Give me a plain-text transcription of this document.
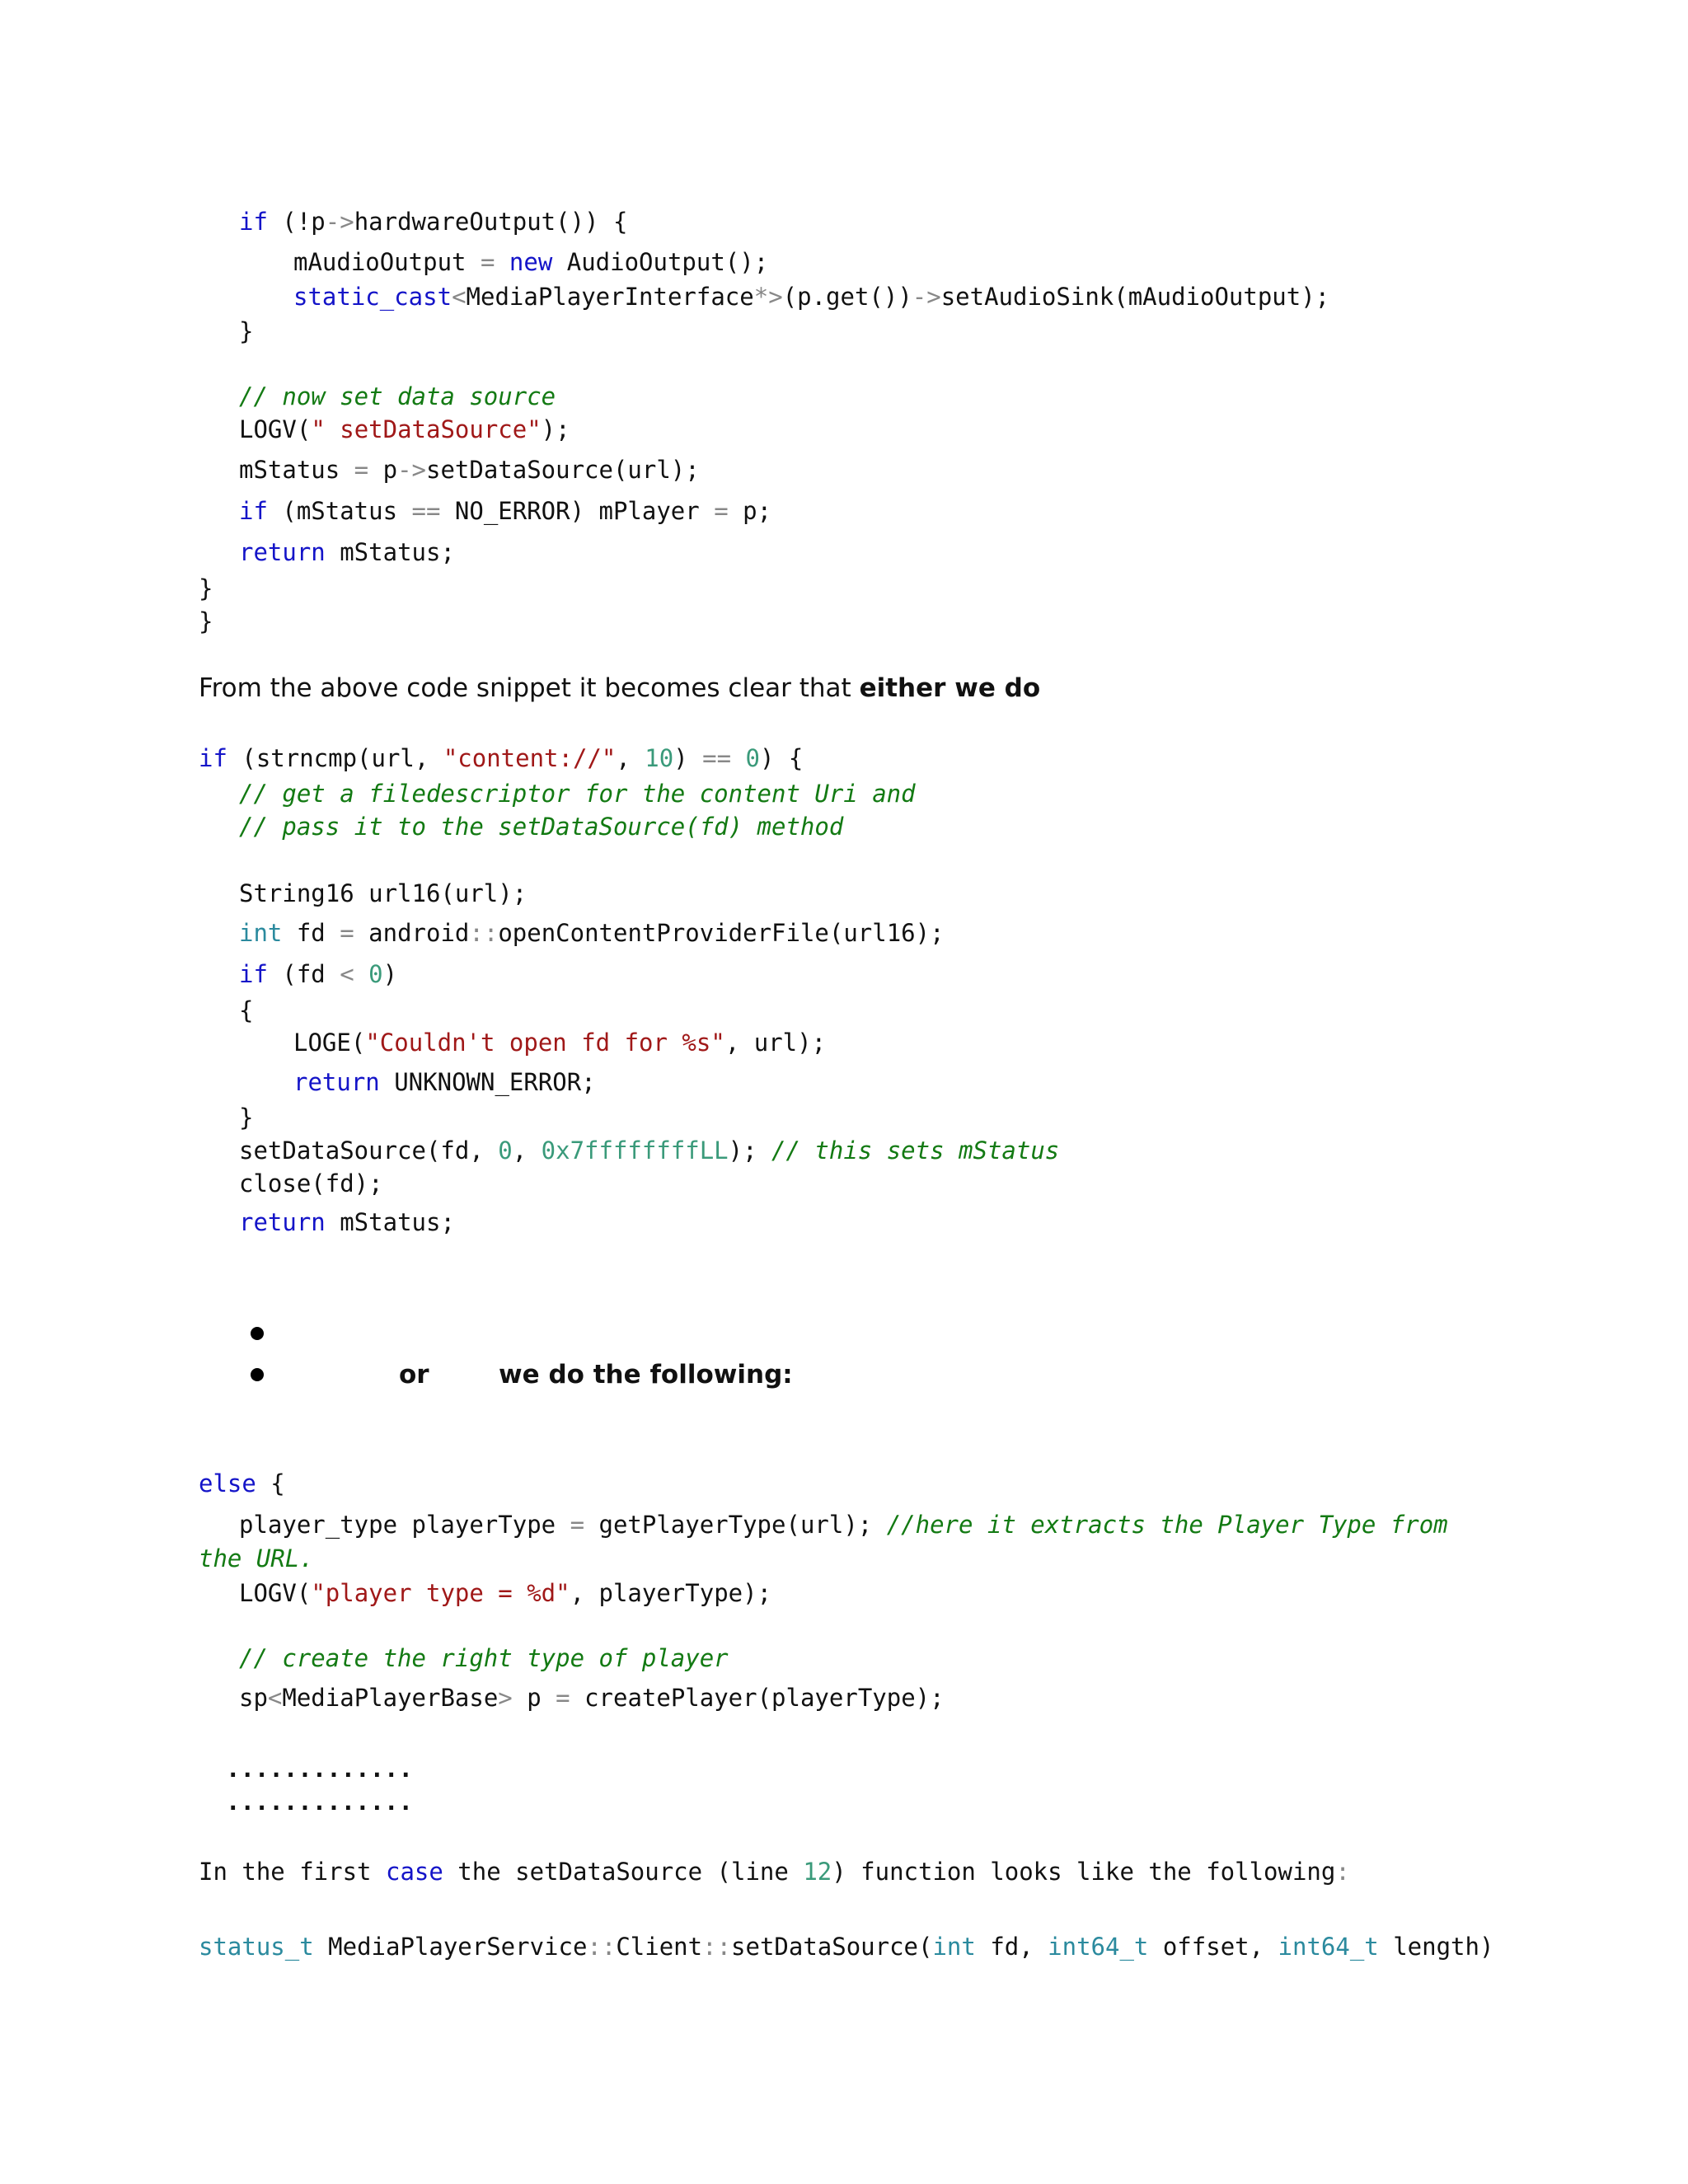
if (!p->hardwareOutput()) {
mAudioOutput = new AudioOutput();
static_cast<MediaPlayerInterface*>(p.get())->setAudioSink(mAudioOutput);
}
// now set data source
LOGV(" setDataSource");
mStatus = p->setDataSource(url);
if (mStatus == NO_ERROR) mPlayer = p;
return mStatus;
}
}
From the above code snippet it becomes clear that either we do
if (strncmp(url, "content://", 10) == 0) {
// get a filedescriptor for the content Uri and
// pass it to the setDataSource(fd) method
String16 url16(url);
int fd = android::openContentProviderFile(url16);
if (fd < 0)
{
LOGE("Couldn't open fd for %s", url);
return UNKNOWN_ERROR;
}
setDataSource(fd, 0, 0x7ffffffffLL); // this sets mStatus
close(fd);
return mStatus;
or	we do the following:
else {
player_type playerType = getPlayerType(url); //here it extracts the Player Type from
the URL.
LOGV("player type = %d", playerType);
// create the right type of player
sp<MediaPlayerBase> p = createPlayer(playerType);
.............
.............
In the first case the setDataSource (line 12) function looks like the following:
status_t MediaPlayerService::Client::setDataSource(int fd, int64_t offset, int64_t length)
